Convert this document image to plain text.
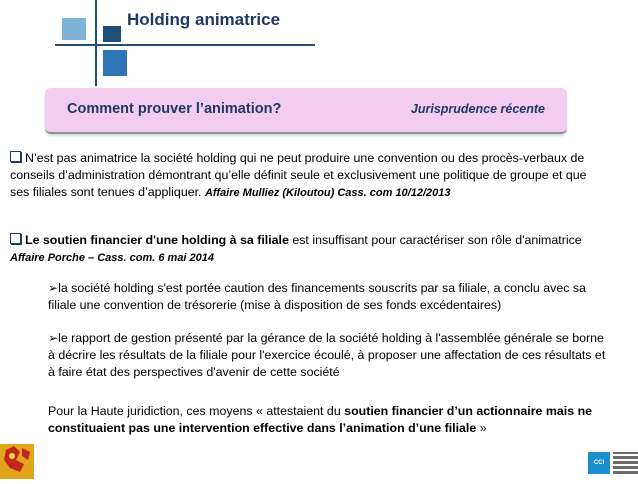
Holding animatrice
Comment prouver l’animation?	Jurisprudence récente
N’est pas animatrice la société holding qui ne peut produire une convention ou des procès-verbaux de conseils d’administration démontrant qu’elle définit seule et exclusivement une politique de groupe et que ses filiales sont tenues d’appliquer. Affaire Mulliez (Kiloutou) Cass. com 10/12/2013
Le soutien financier d'une holding à sa filiale est insuffisant pour caractériser son rôle d'animatrice Affaire Porche – Cass. com. 6 mai 2014
➢la société holding s'est portée caution des financements souscrits par sa filiale, a conclu avec sa filiale une convention de trésorerie (mise à disposition de ses fonds excédentaires)
➢le rapport de gestion présenté par la gérance de la société holding à l'assemblée générale se borne à décrire les résultats de la filiale pour l'exercice écoulé, à proposer une affectation de ces résultats et à faire état des perspectives d'avenir de cette société
Pour la Haute juridiction, ces moyens « attestaient du soutien financier d’un actionnaire mais ne constituaient pas une intervention effective dans l’animation d’une filiale »
CCI
